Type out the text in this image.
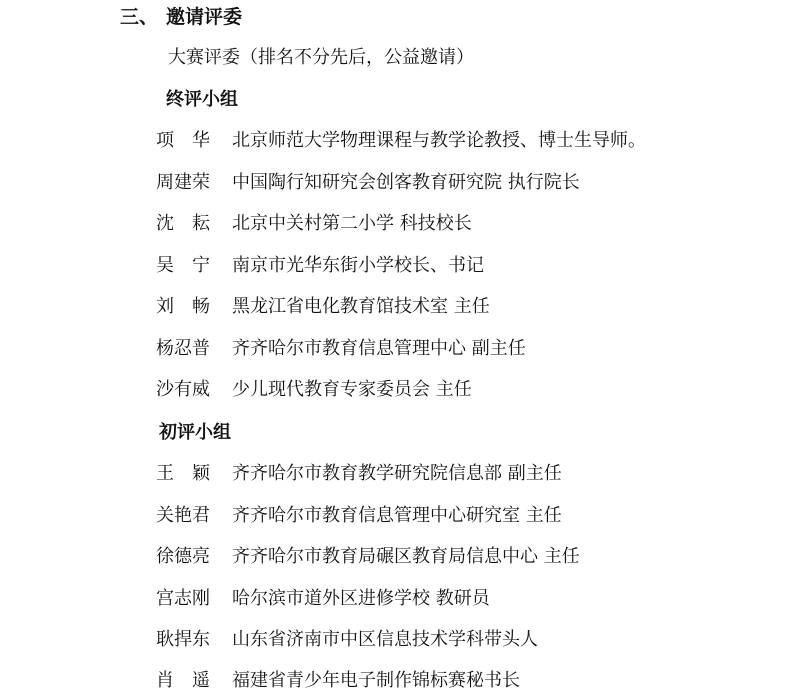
三、 邀请评委
大赛评委（排名不分先后，公益邀请）
终评小组
项　华 北京师范大学物理课程与教学论教授、博士生导师。
周建荣 中国陶行知研究会创客教育研究院 执行院长
沈　耘 北京中关村第二小学 科技校长
吴　宁 南京市光华东街小学校长、书记
刘　畅 黑龙江省电化教育馆技术室 主任
杨忍普 齐齐哈尔市教育信息管理中心 副主任
沙有威 少儿现代教育专家委员会 主任
初评小组
王　颖 齐齐哈尔市教育教学研究院信息部 副主任
关艳君 齐齐哈尔市教育信息管理中心研究室 主任
徐德亮 齐齐哈尔市教育局碾区教育局信息中心 主任
宫志刚 哈尔滨市道外区进修学校 教研员
耿捍东 山东省济南市中区信息技术学科带头人
肖　遥 福建省青少年电子制作锦标赛秘书长
